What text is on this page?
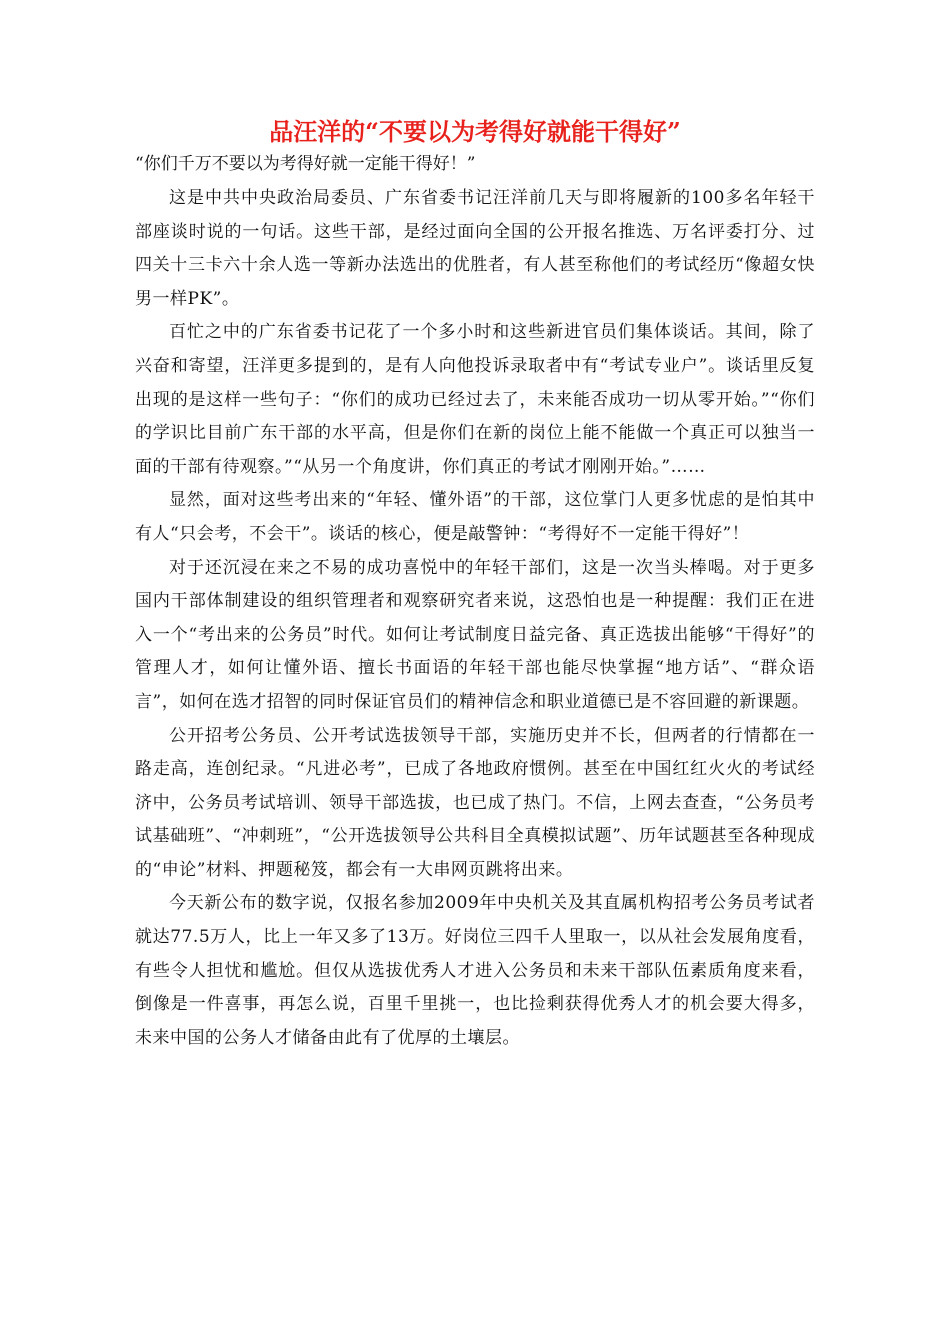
品汪洋的“不要以为考得好就能干得好”
“你们千万不要以为考得好就一定能干得好！”

这是中共中央政治局委员、广东省委书记汪洋前几天与即将履新的100多名年轻干部座谈时说的一句话。这些干部，是经过面向全国的公开报名推选、万名评委打分、过四关十三卡六十余人选一等新办法选出的优胜者，有人甚至称他们的考试经历“像超女快男一样PK”。

百忙之中的广东省委书记花了一个多小时和这些新进官员们集体谈话。其间，除了兴奋和寄望，汪洋更多提到的，是有人向他投诉录取者中有“考试专业户”。谈话里反复出现的是这样一些句子：“你们的成功已经过去了，未来能否成功一切从零开始。”“你们的学识比目前广东干部的水平高，但是你们在新的岗位上能不能做一个真正可以独当一面的干部有待观察。”“从另一个角度讲，你们真正的考试才刚刚开始。”……

显然，面对这些考出来的“年轻、懂外语”的干部，这位掌门人更多忧虑的是怕其中有人“只会考，不会干”。谈话的核心，便是敲警钟：“考得好不一定能干得好”！

对于还沉浸在来之不易的成功喜悦中的年轻干部们，这是一次当头棒喝。对于更多国内干部体制建设的组织管理者和观察研究者来说，这恐怕也是一种提醒：我们正在进入一个“考出来的公务员”时代。如何让考试制度日益完备、真正选拔出能够“干得好”的管理人才，如何让懂外语、擅长书面语的年轻干部也能尽快掌握“地方话”、“群众语言”，如何在选才招智的同时保证官员们的精神信念和职业道德已是不容回避的新课题。

公开招考公务员、公开考试选拔领导干部，实施历史并不长，但两者的行情都在一路走高，连创纪录。“凡进必考”，已成了各地政府惯例。甚至在中国红红火火的考试经济中，公务员考试培训、领导干部选拔，也已成了热门。不信，上网去查查，“公务员考试基础班”、“冲刺班”，“公开选拔领导公共科目全真模拟试题”、历年试题甚至各种现成的“申论”材料、押题秘笈，都会有一大串网页跳将出来。

今天新公布的数字说，仅报名参加2009年中央机关及其直属机构招考公务员考试者就达77.5万人，比上一年又多了13万。好岗位三四千人里取一，以从社会发展角度看，有些令人担忧和尴尬。但仅从选拔优秀人才进入公务员和未来干部队伍素质角度来看，倒像是一件喜事，再怎么说，百里千里挑一，也比捡剩获得优秀人才的机会要大得多，未来中国的公务人才储备由此有了优厚的土壤层。
